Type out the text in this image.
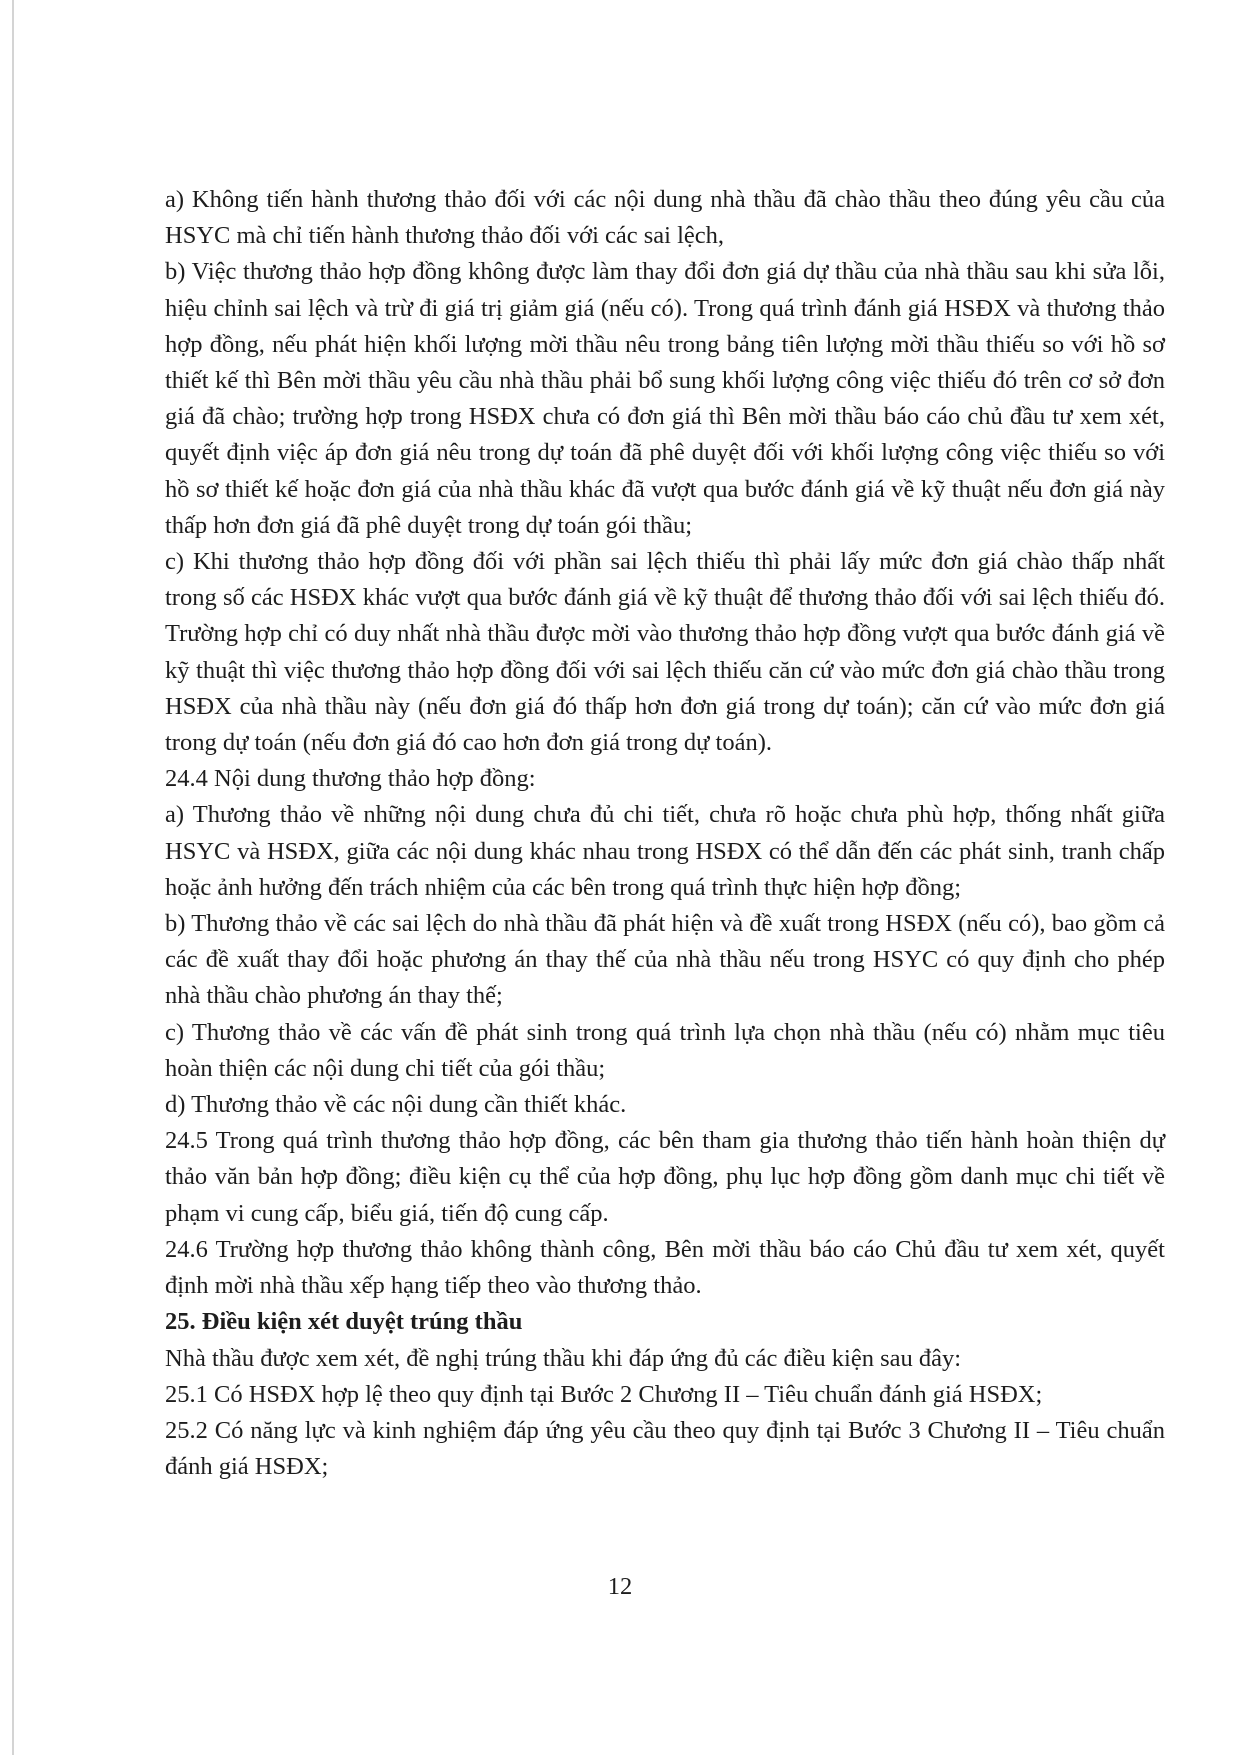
a) Không tiến hành thương thảo đối với các nội dung nhà thầu đã chào thầu theo đúng yêu cầu của HSYC mà chỉ tiến hành thương thảo đối với các sai lệch,

b) Việc thương thảo hợp đồng không được làm thay đổi đơn giá dự thầu của nhà thầu sau khi sửa lỗi, hiệu chỉnh sai lệch và trừ đi giá trị giảm giá (nếu có). Trong quá trình đánh giá HSĐX và thương thảo hợp đồng, nếu phát hiện khối lượng mời thầu nêu trong bảng tiên lượng mời thầu thiếu so với hồ sơ thiết kế thì Bên mời thầu yêu cầu nhà thầu phải bổ sung khối lượng công việc thiếu đó trên cơ sở đơn giá đã chào; trường hợp trong HSĐX chưa có đơn giá thì Bên mời thầu báo cáo chủ đầu tư xem xét, quyết định việc áp đơn giá nêu trong dự toán đã phê duyệt đối với khối lượng công việc thiếu so với hồ sơ thiết kế hoặc đơn giá của nhà thầu khác đã vượt qua bước đánh giá về kỹ thuật nếu đơn giá này thấp hơn đơn giá đã phê duyệt trong dự toán gói thầu;

c) Khi thương thảo hợp đồng đối với phần sai lệch thiếu thì phải lấy mức đơn giá chào thấp nhất trong số các HSĐX khác vượt qua bước đánh giá về kỹ thuật để thương thảo đối với sai lệch thiếu đó. Trường hợp chỉ có duy nhất nhà thầu được mời vào thương thảo hợp đồng vượt qua bước đánh giá về kỹ thuật thì việc thương thảo hợp đồng đối với sai lệch thiếu căn cứ vào mức đơn giá chào thầu trong HSĐX của nhà thầu này (nếu đơn giá đó thấp hơn đơn giá trong dự toán); căn cứ vào mức đơn giá trong dự toán (nếu đơn giá đó cao hơn đơn giá trong dự toán).

24.4 Nội dung thương thảo hợp đồng:

a) Thương thảo về những nội dung chưa đủ chi tiết, chưa rõ hoặc chưa phù hợp, thống nhất giữa HSYC và HSĐX, giữa các nội dung khác nhau trong HSĐX có thể dẫn đến các phát sinh, tranh chấp hoặc ảnh hưởng đến trách nhiệm của các bên trong quá trình thực hiện hợp đồng;

b) Thương thảo về các sai lệch do nhà thầu đã phát hiện và đề xuất trong HSĐX (nếu có), bao gồm cả các đề xuất thay đổi hoặc phương án thay thế của nhà thầu nếu trong HSYC có quy định cho phép nhà thầu chào phương án thay thế;

c) Thương thảo về các vấn đề phát sinh trong quá trình lựa chọn nhà thầu (nếu có) nhằm mục tiêu hoàn thiện các nội dung chi tiết của gói thầu;

d) Thương thảo về các nội dung cần thiết khác.

24.5 Trong quá trình thương thảo hợp đồng, các bên tham gia thương thảo tiến hành hoàn thiện dự thảo văn bản hợp đồng; điều kiện cụ thể của hợp đồng, phụ lục hợp đồng gồm danh mục chi tiết về phạm vi cung cấp, biểu giá, tiến độ cung cấp.

24.6 Trường hợp thương thảo không thành công, Bên mời thầu báo cáo Chủ đầu tư xem xét, quyết định mời nhà thầu xếp hạng tiếp theo vào thương thảo.

25. Điều kiện xét duyệt trúng thầu

Nhà thầu được xem xét, đề nghị trúng thầu khi đáp ứng đủ các điều kiện sau đây:

25.1 Có HSĐX hợp lệ theo quy định tại Bước 2 Chương II – Tiêu chuẩn đánh giá HSĐX;

25.2 Có năng lực và kinh nghiệm đáp ứng yêu cầu theo quy định tại Bước 3 Chương II – Tiêu chuẩn đánh giá HSĐX;

12
